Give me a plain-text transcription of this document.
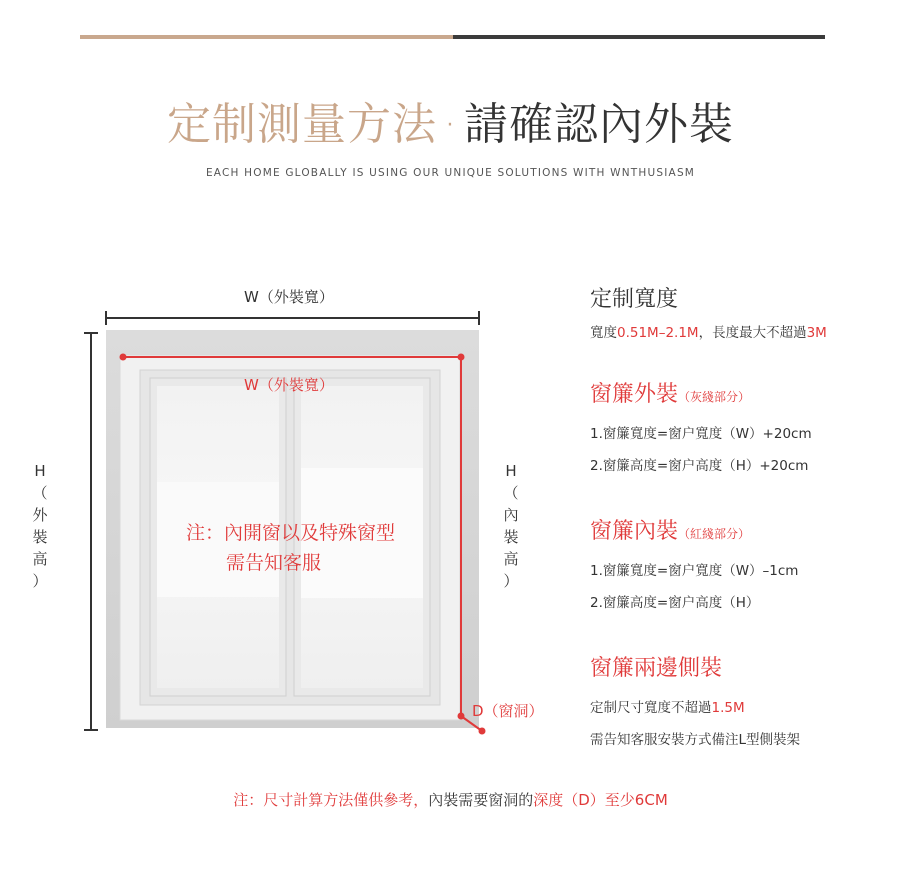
定制測量方法 · 請確認內外裝
EACH HOME GLOBALLY IS USING OUR UNIQUE SOLUTIONS WITH WNTHUSIASM
W（外裝寬）
W（外裝寬）
H
（
外
裝
高
）
H
（
內
裝
高
）
D（窗洞）
注：內開窗以及特殊窗型
需告知客服
定制寬度
寬度0.51M–2.1M，長度最大不超過3M
窗簾外裝（灰綫部分）
1.窗簾寬度=窗户寬度（W）+20cm
2.窗簾高度=窗户高度（H）+20cm
窗簾內裝（紅綫部分）
1.窗簾寬度=窗户寬度（W）–1cm
2.窗簾高度=窗户高度（H）
窗簾兩邊側裝
定制尺寸寬度不超過1.5M
需告知客服安裝方式備注L型側裝架
注：尺寸計算方法僅供參考，內裝需要窗洞的深度（D）至少6CM
